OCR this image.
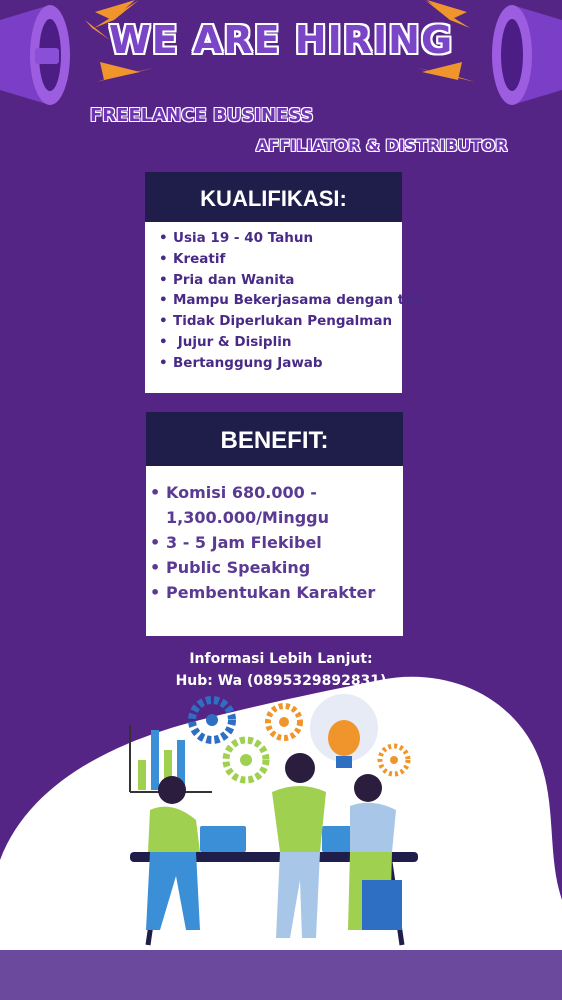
WE ARE HIRING
FREELANCE BUSINESS
AFFILIATOR & DISTRIBUTOR
KUALIFIKASI:
• Usia 19 - 40 Tahun
• Kreatif
• Pria dan Wanita
• Mampu Bekerjasama dengan tim
• Tidak Diperlukan Pengalman
• Jujur & Disiplin
• Bertanggung Jawab
BENEFIT:
• Komisi 680.000 -
1,300.000/Minggu
• 3 - 5 Jam Flekibel
• Public Speaking
• Pembentukan Karakter
Informasi Lebih Lanjut:
Hub: Wa (0895329892831)
